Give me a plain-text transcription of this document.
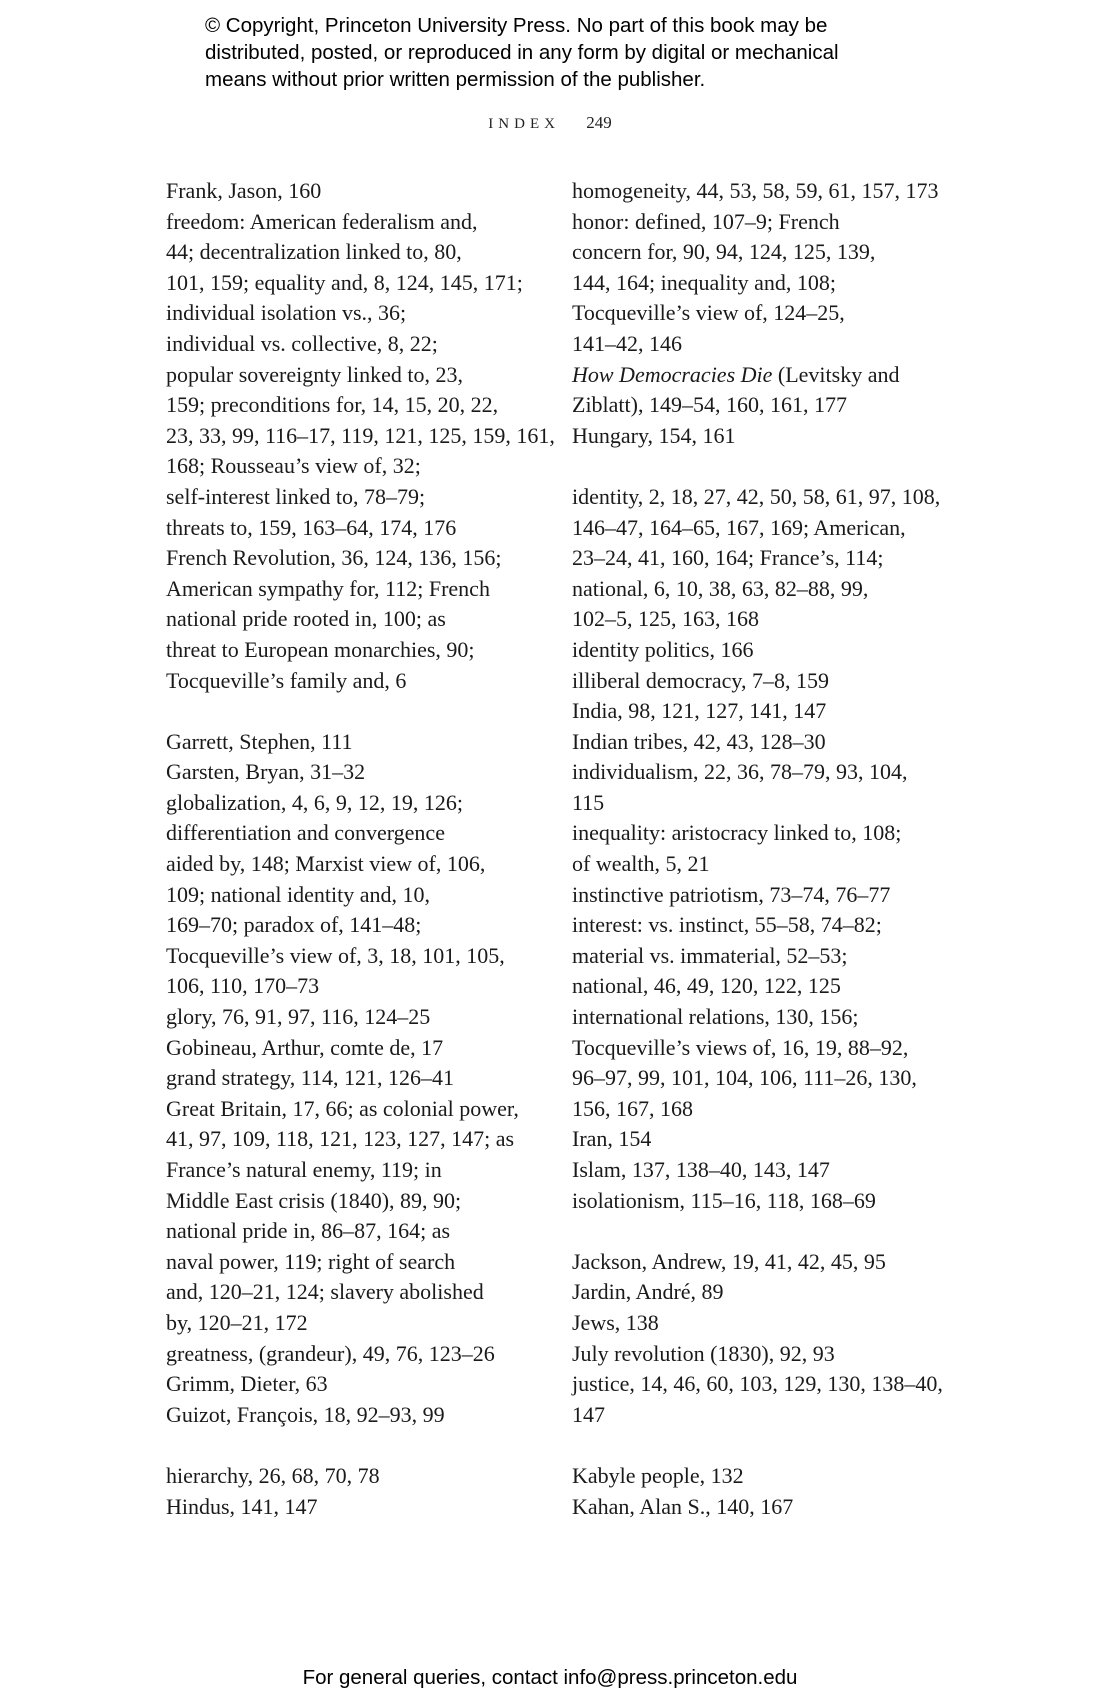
© Copyright, Princeton University Press. No part of this book may be
distributed, posted, or reproduced in any form by digital or mechanical
means without prior written permission of the publisher.
INDEX 249
Frank, Jason, 160
freedom: American federalism and,
44; decentralization linked to, 80,
101, 159; equality and, 8, 124, 145, 171;
individual isolation vs., 36;
individual vs. collective, 8, 22;
popular sovereignty linked to, 23,
159; preconditions for, 14, 15, 20, 22,
23, 33, 99, 116–17, 119, 121, 125, 159, 161,
168; Rousseau’s view of, 32;
self-interest linked to, 78–79;
threats to, 159, 163–64, 174, 176
French Revolution, 36, 124, 136, 156;
American sympathy for, 112; French
national pride rooted in, 100; as
threat to European monarchies, 90;
Tocqueville’s family and, 6
Garrett, Stephen, 111
Garsten, Bryan, 31–32
globalization, 4, 6, 9, 12, 19, 126;
differentiation and convergence
aided by, 148; Marxist view of, 106,
109; national identity and, 10,
169–70; paradox of, 141–48;
Tocqueville’s view of, 3, 18, 101, 105,
106, 110, 170–73
glory, 76, 91, 97, 116, 124–25
Gobineau, Arthur, comte de, 17
grand strategy, 114, 121, 126–41
Great Britain, 17, 66; as colonial power,
41, 97, 109, 118, 121, 123, 127, 147; as
France’s natural enemy, 119; in
Middle East crisis (1840), 89, 90;
national pride in, 86–87, 164; as
naval power, 119; right of search
and, 120–21, 124; slavery abolished
by, 120–21, 172
greatness, (grandeur), 49, 76, 123–26
Grimm, Dieter, 63
Guizot, François, 18, 92–93, 99
hierarchy, 26, 68, 70, 78
Hindus, 141, 147
homogeneity, 44, 53, 58, 59, 61, 157, 173
honor: defined, 107–9; French
concern for, 90, 94, 124, 125, 139,
144, 164; inequality and, 108;
Tocqueville’s view of, 124–25,
141–42, 146
How Democracies Die (Levitsky and
Ziblatt), 149–54, 160, 161, 177
Hungary, 154, 161
identity, 2, 18, 27, 42, 50, 58, 61, 97, 108,
146–47, 164–65, 167, 169; American,
23–24, 41, 160, 164; France’s, 114;
national, 6, 10, 38, 63, 82–88, 99,
102–5, 125, 163, 168
identity politics, 166
illiberal democracy, 7–8, 159
India, 98, 121, 127, 141, 147
Indian tribes, 42, 43, 128–30
individualism, 22, 36, 78–79, 93, 104,
115
inequality: aristocracy linked to, 108;
of wealth, 5, 21
instinctive patriotism, 73–74, 76–77
interest: vs. instinct, 55–58, 74–82;
material vs. immaterial, 52–53;
national, 46, 49, 120, 122, 125
international relations, 130, 156;
Tocqueville’s views of, 16, 19, 88–92,
96–97, 99, 101, 104, 106, 111–26, 130,
156, 167, 168
Iran, 154
Islam, 137, 138–40, 143, 147
isolationism, 115–16, 118, 168–69
Jackson, Andrew, 19, 41, 42, 45, 95
Jardin, André, 89
Jews, 138
July revolution (1830), 92, 93
justice, 14, 46, 60, 103, 129, 130, 138–40,
147
Kabyle people, 132
Kahan, Alan S., 140, 167
For general queries, contact info@press.princeton.edu
